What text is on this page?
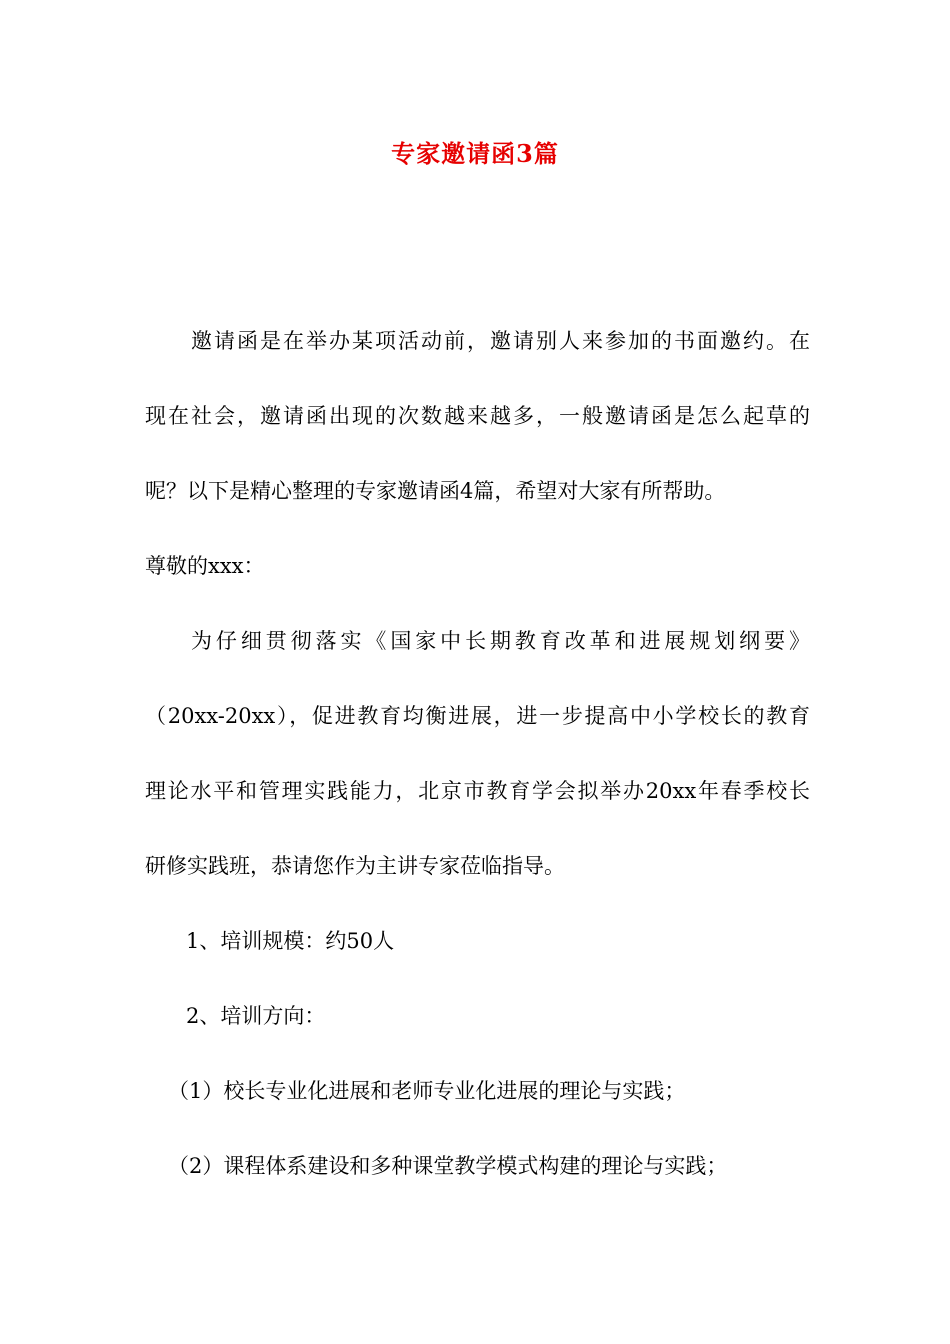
专家邀请函3篇

邀请函是在举办某项活动前，邀请别人来参加的书面邀约。在

现在社会，邀请函出现的次数越来越多，一般邀请函是怎么起草的

呢？以下是精心整理的专家邀请函4篇，希望对大家有所帮助。

尊敬的xxx：

为仔细贯彻落实《国家中长期教育改革和进展规划纲要》

（20xx-20xx），促进教育均衡进展，进一步提高中小学校长的教育

理论水平和管理实践能力，北京市教育学会拟举办20xx年春季校长

研修实践班，恭请您作为主讲专家莅临指导。

1、培训规模：约50人

2、培训方向：

（1）校长专业化进展和老师专业化进展的理论与实践；

（2）课程体系建设和多种课堂教学模式构建的理论与实践；
